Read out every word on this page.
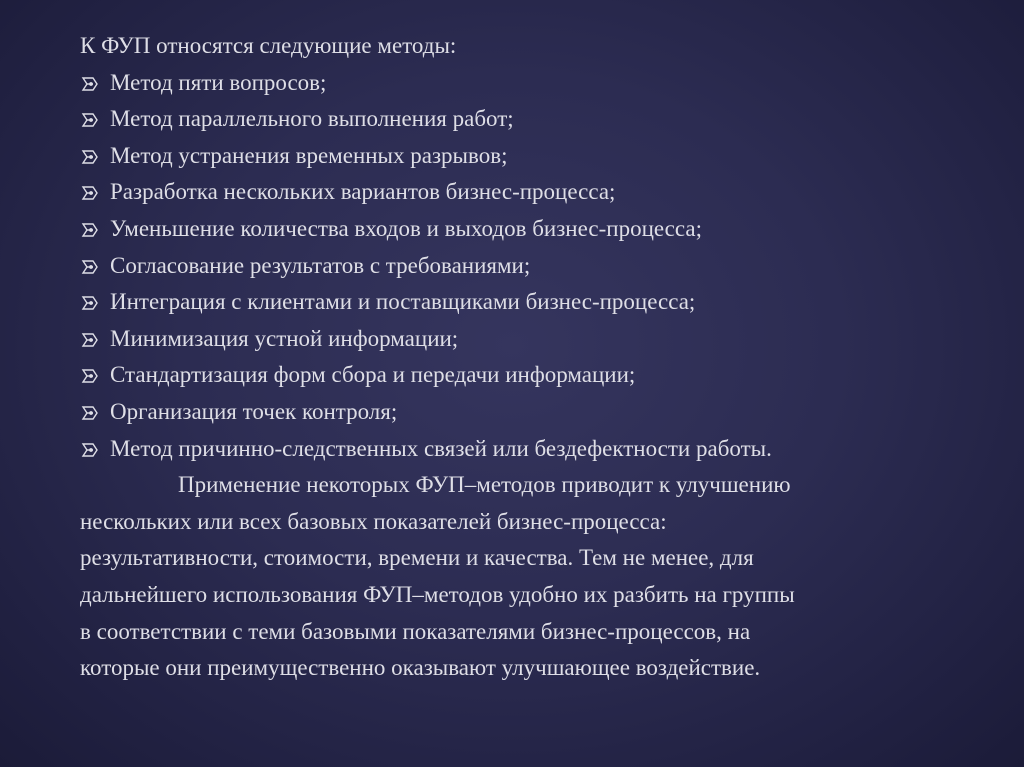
К ФУП относятся следующие методы:
Метод пяти вопросов;
Метод параллельного выполнения работ;
Метод устранения временных разрывов;
Разработка нескольких вариантов бизнес-процесса;
Уменьшение количества входов и выходов бизнес-процесса;
Согласование результатов с требованиями;
Интеграция с клиентами и поставщиками бизнес-процесса;
Минимизация устной информации;
Стандартизация форм сбора и передачи информации;
Организация точек контроля;
Метод причинно-следственных связей или бездефектности работы.
Применение некоторых ФУП–методов приводит к улучшению
нескольких или всех базовых показателей бизнес-процесса:
результативности, стоимости, времени и качества. Тем не менее, для
дальнейшего использования ФУП–методов удобно их разбить на группы
в соответствии с теми базовыми показателями бизнес-процессов, на
которые они преимущественно оказывают улучшающее воздействие.
